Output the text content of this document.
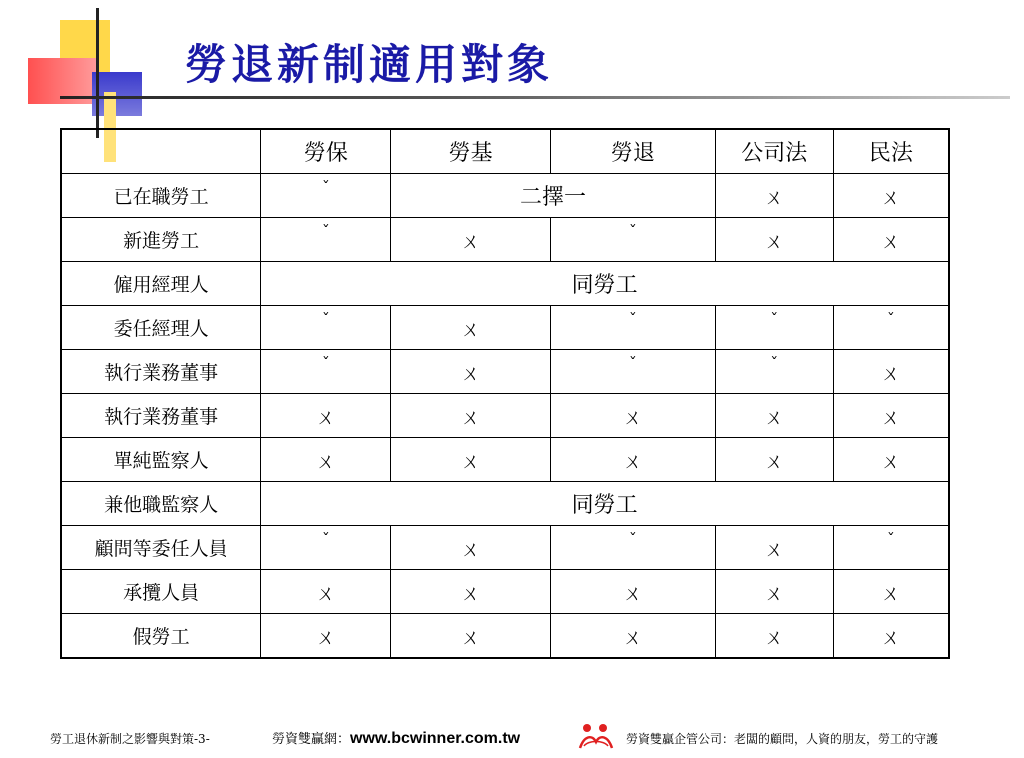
勞退新制適用對象
	勞保	勞基	勞退	公司法	民法
已在職勞工	ˇ	二擇一		ㄨ	ㄨ
新進勞工	ˇ	ㄨ	ˇ	ㄨ	ㄨ
僱用經理人	同勞工				
委任經理人	ˇ	ㄨ	ˇ	ˇ	ˇ
執行業務董事	ˇ	ㄨ	ˇ	ˇ	ㄨ
執行業務董事	ㄨ	ㄨ	ㄨ	ㄨ	ㄨ
單純監察人	ㄨ	ㄨ	ㄨ	ㄨ	ㄨ
兼他職監察人	同勞工				
顧問等委任人員	ˇ	ㄨ	ˇ	ㄨ	ˇ
承攬人員	ㄨ	ㄨ	ㄨ	ㄨ	ㄨ
假勞工	ㄨ	ㄨ	ㄨ	ㄨ	ㄨ
勞工退休新制之影響與對策-3-	勞資雙贏網：www.bcwinner.com.tw	勞資雙贏企管公司：老闆的顧問，人資的朋友，勞工的守護
